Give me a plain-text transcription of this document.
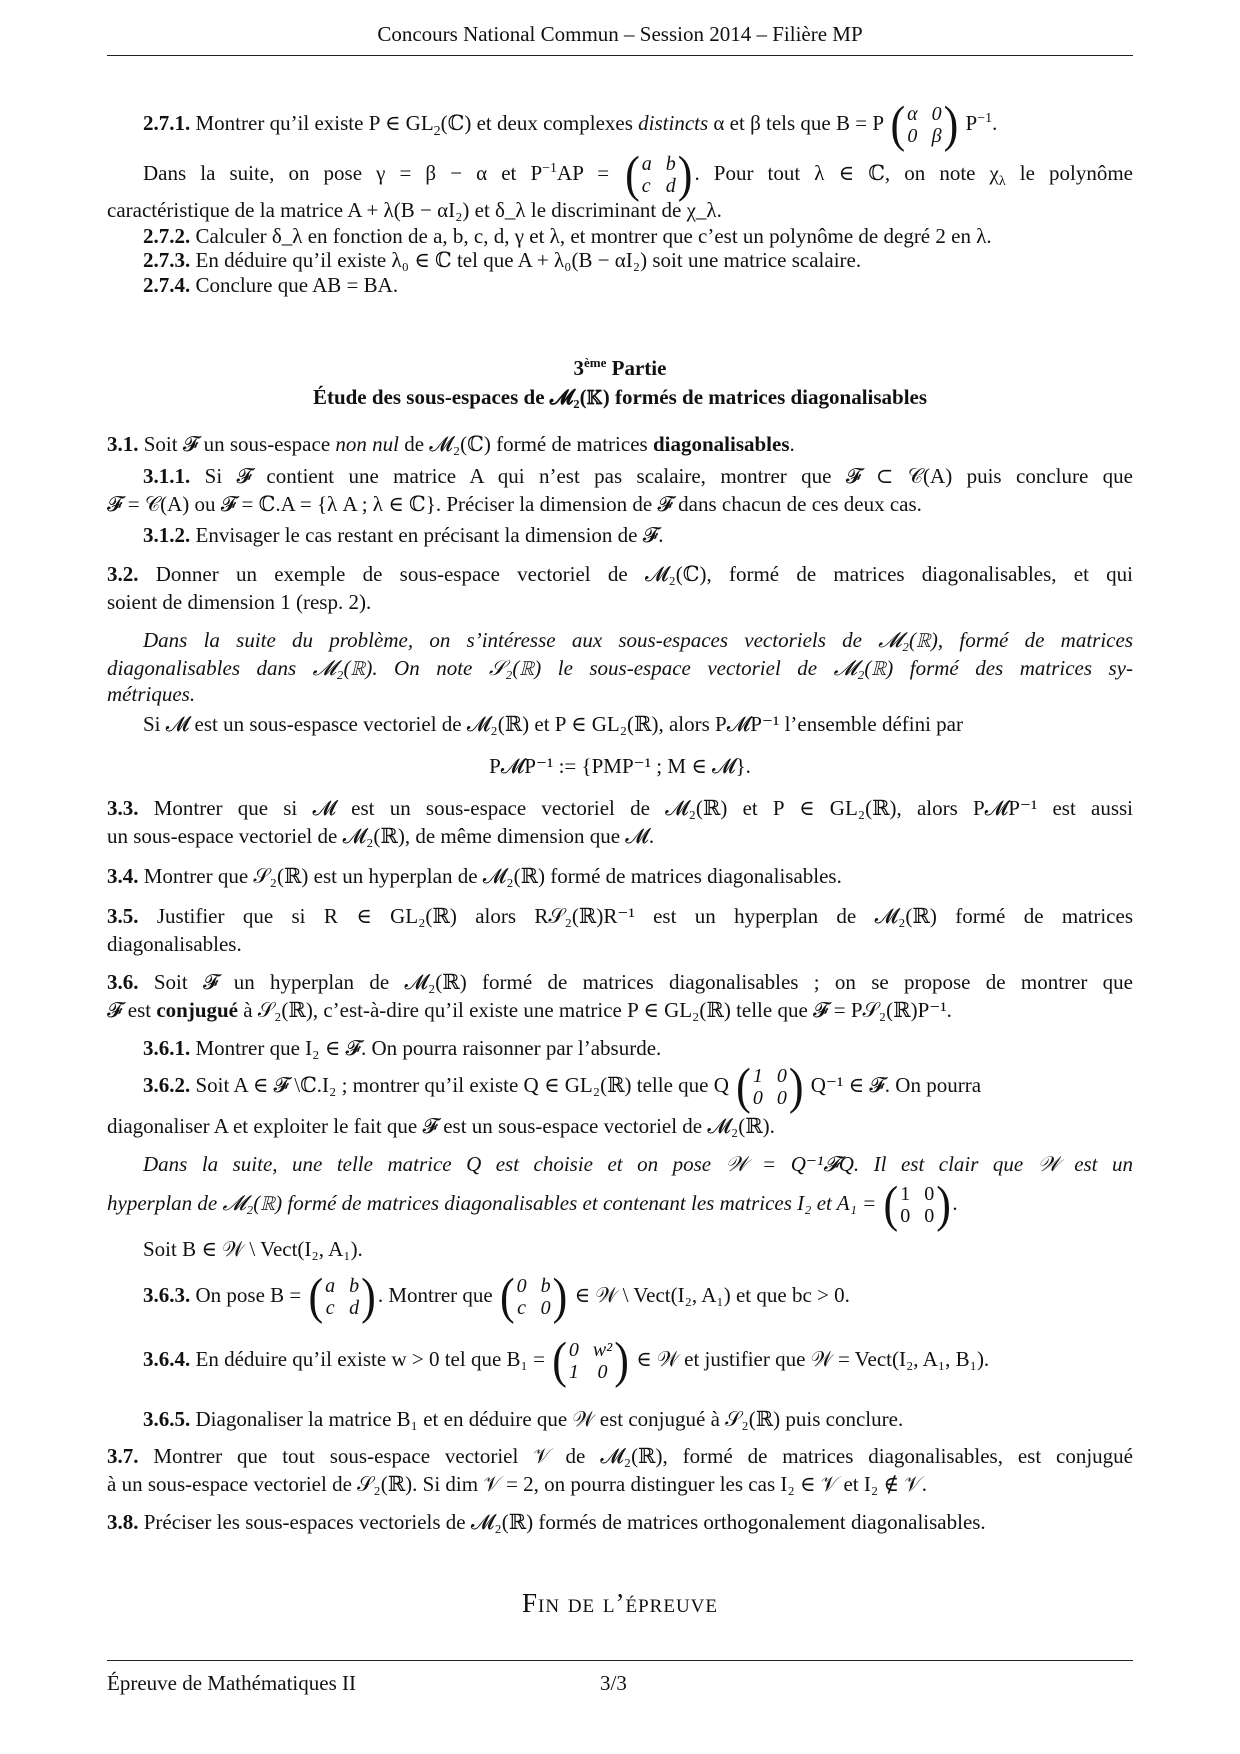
Concours National Commun – Session 2014 – Filière MP
2.7.1. Montrer qu’il existe P ∈ $GL_2(ℂ)$ et deux complexes distincts α et β tels que B = P ( α 0
0 β ) $P^{-1}$.
Dans la suite, on pose γ = β − α et $P^{-1}AP$ = ( a b
c d ) . Pour tout λ ∈ ℂ, on note $\chi_\lambda$ le polynôme
caractéristique de la matrice A + λ(B − αI₂) et δ_λ le discriminant de χ_λ.
2.7.2. Calculer δ_λ en fonction de a, b, c, d, γ et λ, et montrer que c’est un polynôme de degré 2 en λ.
2.7.3. En déduire qu’il existe λ₀ ∈ ℂ tel que A + λ₀(B − αI₂) soit une matrice scalaire.
2.7.4. Conclure que AB = BA.
3ème Partie
Étude des sous-espaces de 𝓜₂(𝕂) formés de matrices diagonalisables
3.1. Soit 𝓕 un sous-espace non nul de 𝓜₂(ℂ) formé de matrices diagonalisables.
3.1.1. Si 𝓕 contient une matrice A qui n’est pas scalaire, montrer que 𝓕 ⊂ 𝒞(A) puis conclure que
𝓕 = 𝒞(A) ou 𝓕 = ℂ.A = {λ A ; λ ∈ ℂ}. Préciser la dimension de 𝓕 dans chacun de ces deux cas.
3.1.2. Envisager le cas restant en précisant la dimension de 𝓕.
3.2. Donner un exemple de sous-espace vectoriel de 𝓜₂(ℂ), formé de matrices diagonalisables, et qui
soient de dimension 1 (resp. 2).
Dans la suite du problème, on s’intéresse aux sous-espaces vectoriels de 𝓜₂(ℝ), formé de matrices
diagonalisables dans 𝓜₂(ℝ). On note 𝒮₂(ℝ) le sous-espace vectoriel de 𝓜₂(ℝ) formé des matrices sy-
métriques.
Si 𝓜 est un sous-espasce vectoriel de 𝓜₂(ℝ) et P ∈ GL₂(ℝ), alors P𝓜P⁻¹ l’ensemble défini par
P𝓜P⁻¹ := {PMP⁻¹ ; M ∈ 𝓜}.
3.3. Montrer que si 𝓜 est un sous-espace vectoriel de 𝓜₂(ℝ) et P ∈ GL₂(ℝ), alors P𝓜P⁻¹ est aussi
un sous-espace vectoriel de 𝓜₂(ℝ), de même dimension que 𝓜.
3.4. Montrer que 𝒮₂(ℝ) est un hyperplan de 𝓜₂(ℝ) formé de matrices diagonalisables.
3.5. Justifier que si R ∈ GL₂(ℝ) alors R𝒮₂(ℝ)R⁻¹ est un hyperplan de 𝓜₂(ℝ) formé de matrices
diagonalisables.
3.6. Soit 𝓕 un hyperplan de 𝓜₂(ℝ) formé de matrices diagonalisables ; on se propose de montrer que
𝓕 est conjugué à 𝒮₂(ℝ), c’est-à-dire qu’il existe une matrice P ∈ GL₂(ℝ) telle que 𝓕 = P𝒮₂(ℝ)P⁻¹.
3.6.1. Montrer que I₂ ∈ 𝓕. On pourra raisonner par l’absurde.
3.6.2. Soit A ∈ 𝓕 \ℂ.I₂ ; montrer qu’il existe Q ∈ GL₂(ℝ) telle que Q ( 1 0
0 0 ) Q⁻¹ ∈ 𝓕. On pourra
diagonaliser A et exploiter le fait que 𝓕 est un sous-espace vectoriel de 𝓜₂(ℝ).
Dans la suite, une telle matrice Q est choisie et on pose 𝒲 = Q⁻¹𝓕Q. Il est clair que 𝒲 est un
hyperplan de 𝓜₂(ℝ) formé de matrices diagonalisables et contenant les matrices I₂ et A₁ = ( 1 0
0 0 ) .
Soit B ∈ 𝒲 \ Vect(I₂, A₁).
3.6.3. On pose B = ( a b
c d ) . Montrer que ( 0 b
c 0 ) ∈ 𝒲 \ Vect(I₂, A₁) et que bc > 0.
3.6.4. En déduire qu’il existe w > 0 tel que B₁ = ( 0 w²
1 0 ) ∈ 𝒲 et justifier que 𝒲 = Vect(I₂, A₁, B₁).
3.6.5. Diagonaliser la matrice B₁ et en déduire que 𝒲 est conjugué à 𝒮₂(ℝ) puis conclure.
3.7. Montrer que tout sous-espace vectoriel 𝒱 de 𝓜₂(ℝ), formé de matrices diagonalisables, est conjugué
à un sous-espace vectoriel de 𝒮₂(ℝ). Si dim 𝒱 = 2, on pourra distinguer les cas I₂ ∈ 𝒱 et I₂ ∉ 𝒱.
3.8. Préciser les sous-espaces vectoriels de 𝓜₂(ℝ) formés de matrices orthogonalement diagonalisables.
Fin de l’épreuve
Épreuve de Mathématiques II	3/3
